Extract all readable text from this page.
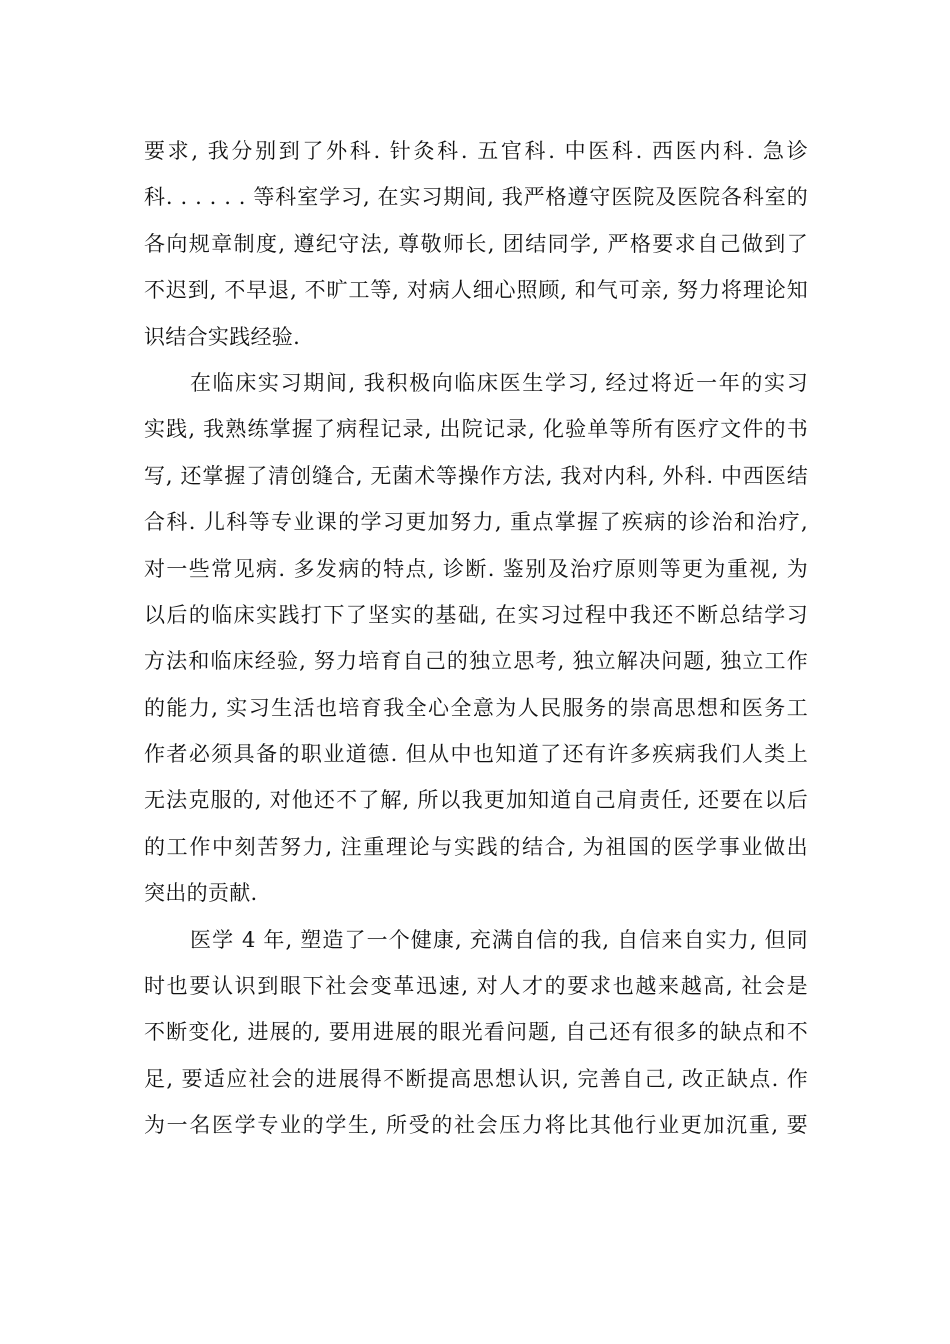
要求, 我分别到了外科. 针灸科. 五官科. 中医科. 西医内科. 急诊
科. . . . . . 等科室学习, 在实习期间, 我严格遵守医院及医院各科室的
各向规章制度, 遵纪守法, 尊敬师长, 团结同学, 严格要求自己做到了
不迟到, 不早退, 不旷工等, 对病人细心照顾, 和气可亲, 努力将理论知
识结合实践经验.
在临床实习期间, 我积极向临床医生学习, 经过将近一年的实习
实践, 我熟练掌握了病程记录, 出院记录, 化验单等所有医疗文件的书
写, 还掌握了清创缝合, 无菌术等操作方法, 我对内科, 外科. 中西医结
合科. 儿科等专业课的学习更加努力, 重点掌握了疾病的诊治和治疗,
对一些常见病. 多发病的特点, 诊断. 鉴别及治疗原则等更为重视, 为
以后的临床实践打下了坚实的基础, 在实习过程中我还不断总结学习
方法和临床经验, 努力培育自己的独立思考, 独立解决问题, 独立工作
的能力, 实习生活也培育我全心全意为人民服务的崇高思想和医务工
作者必须具备的职业道德. 但从中也知道了还有许多疾病我们人类上
无法克服的, 对他还不了解, 所以我更加知道自己肩责任, 还要在以后
的工作中刻苦努力, 注重理论与实践的结合, 为祖国的医学事业做出
突出的贡献.
医学 4 年, 塑造了一个健康, 充满自信的我, 自信来自实力, 但同
时也要认识到眼下社会变革迅速, 对人才的要求也越来越高, 社会是
不断变化, 进展的, 要用进展的眼光看问题, 自己还有很多的缺点和不
足, 要适应社会的进展得不断提高思想认识, 完善自己, 改正缺点. 作
为一名医学专业的学生, 所受的社会压力将比其他行业更加沉重, 要
